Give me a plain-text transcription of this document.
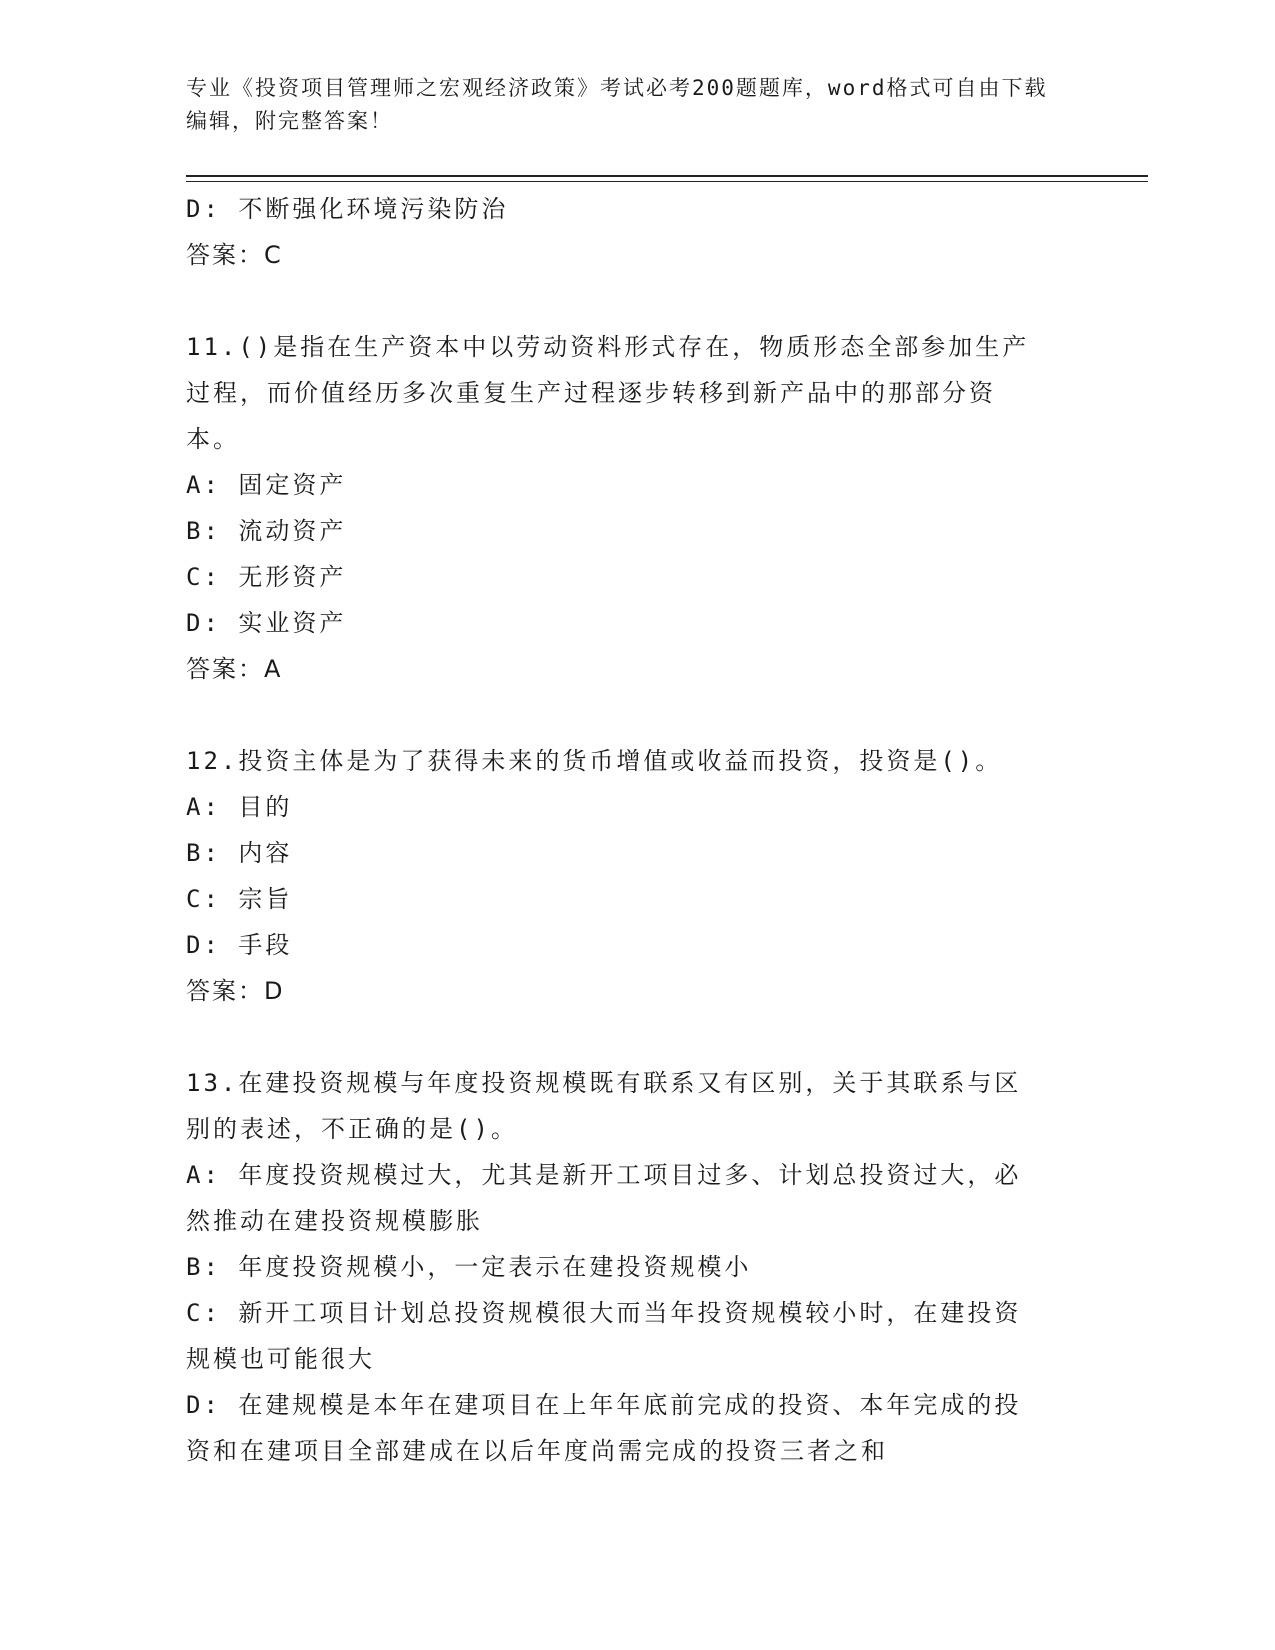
专业《投资项目管理师之宏观经济政策》考试必考200题题库，word格式可自由下载编辑，附完整答案！
D: 不断强化环境污染防治
答案：C
11.()是指在生产资本中以劳动资料形式存在，物质形态全部参加生产
过程，而价值经历多次重复生产过程逐步转移到新产品中的那部分资
本。
A: 固定资产
B: 流动资产
C: 无形资产
D: 实业资产
答案：A
12.投资主体是为了获得未来的货币增值或收益而投资，投资是()。
A: 目的
B: 内容
C: 宗旨
D: 手段
答案：D
13.在建投资规模与年度投资规模既有联系又有区别，关于其联系与区
别的表述，不正确的是()。
A: 年度投资规模过大，尤其是新开工项目过多、计划总投资过大，必
然推动在建投资规模膨胀
B: 年度投资规模小，一定表示在建投资规模小
C: 新开工项目计划总投资规模很大而当年投资规模较小时，在建投资
规模也可能很大
D: 在建规模是本年在建项目在上年年底前完成的投资、本年完成的投
资和在建项目全部建成在以后年度尚需完成的投资三者之和
